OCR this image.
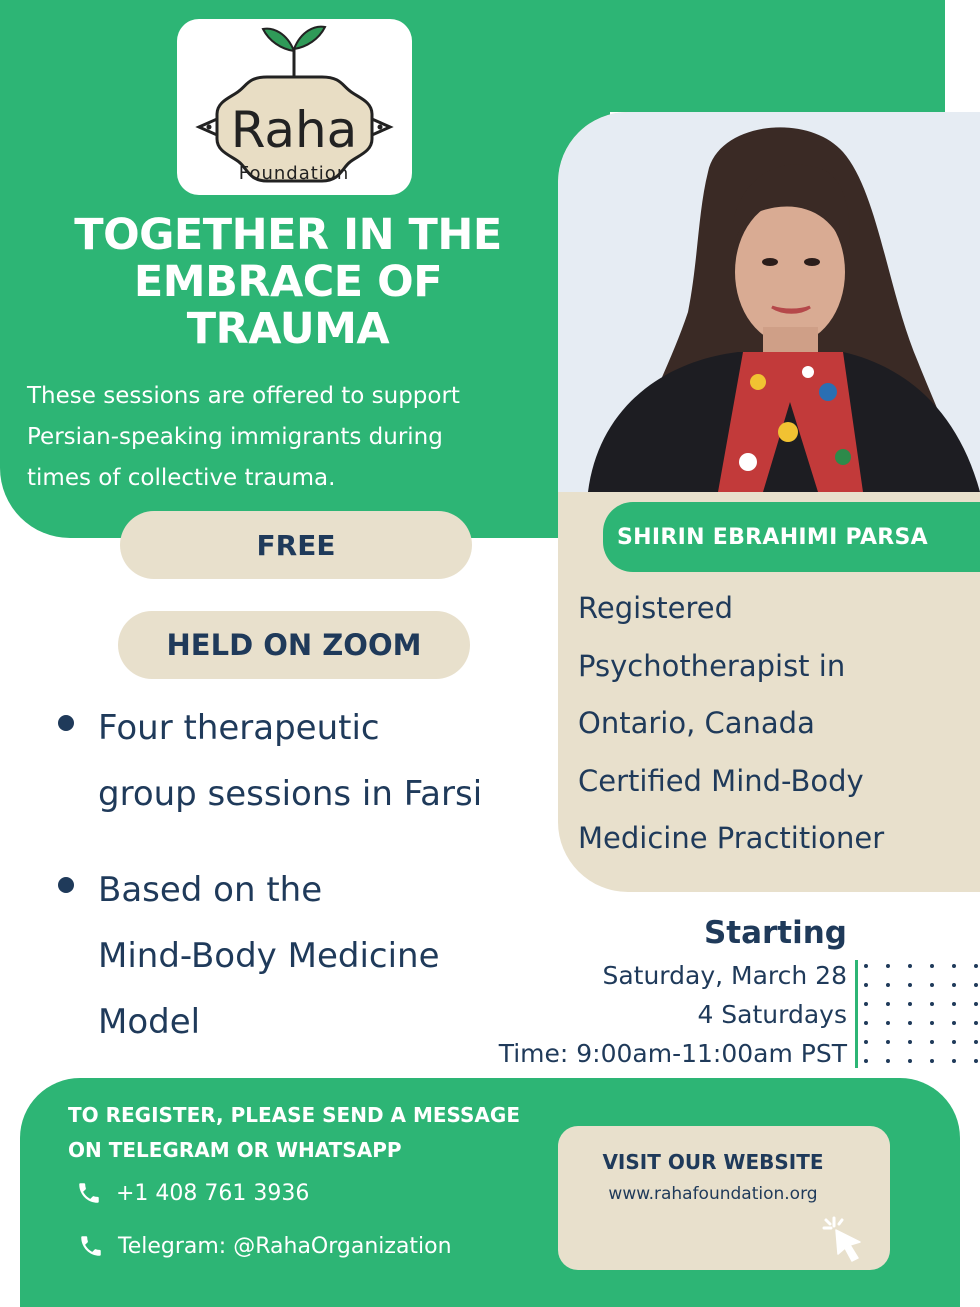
Raha
Foundation
TOGETHER IN THE
EMBRACE OF
TRAUMA
These sessions are offered to support
Persian-speaking immigrants during
times of collective trauma.
SHIRIN EBRAHIMI PARSA
Registered
Psychotherapist in
Ontario, Canada
Certified Mind-Body
Medicine Practitioner
FREE
HELD ON ZOOM
Four therapeutic
group sessions in Farsi
Based on the
Mind-Body Medicine
Model
Starting
Saturday, March 28
4 Saturdays
Time: 9:00am-11:00am PST
TO REGISTER, PLEASE SEND A MESSAGE
ON TELEGRAM OR WHATSAPP
+1 408 761 3936
Telegram: @RahaOrganization
VISIT OUR WEBSITE
www.rahafoundation.org
